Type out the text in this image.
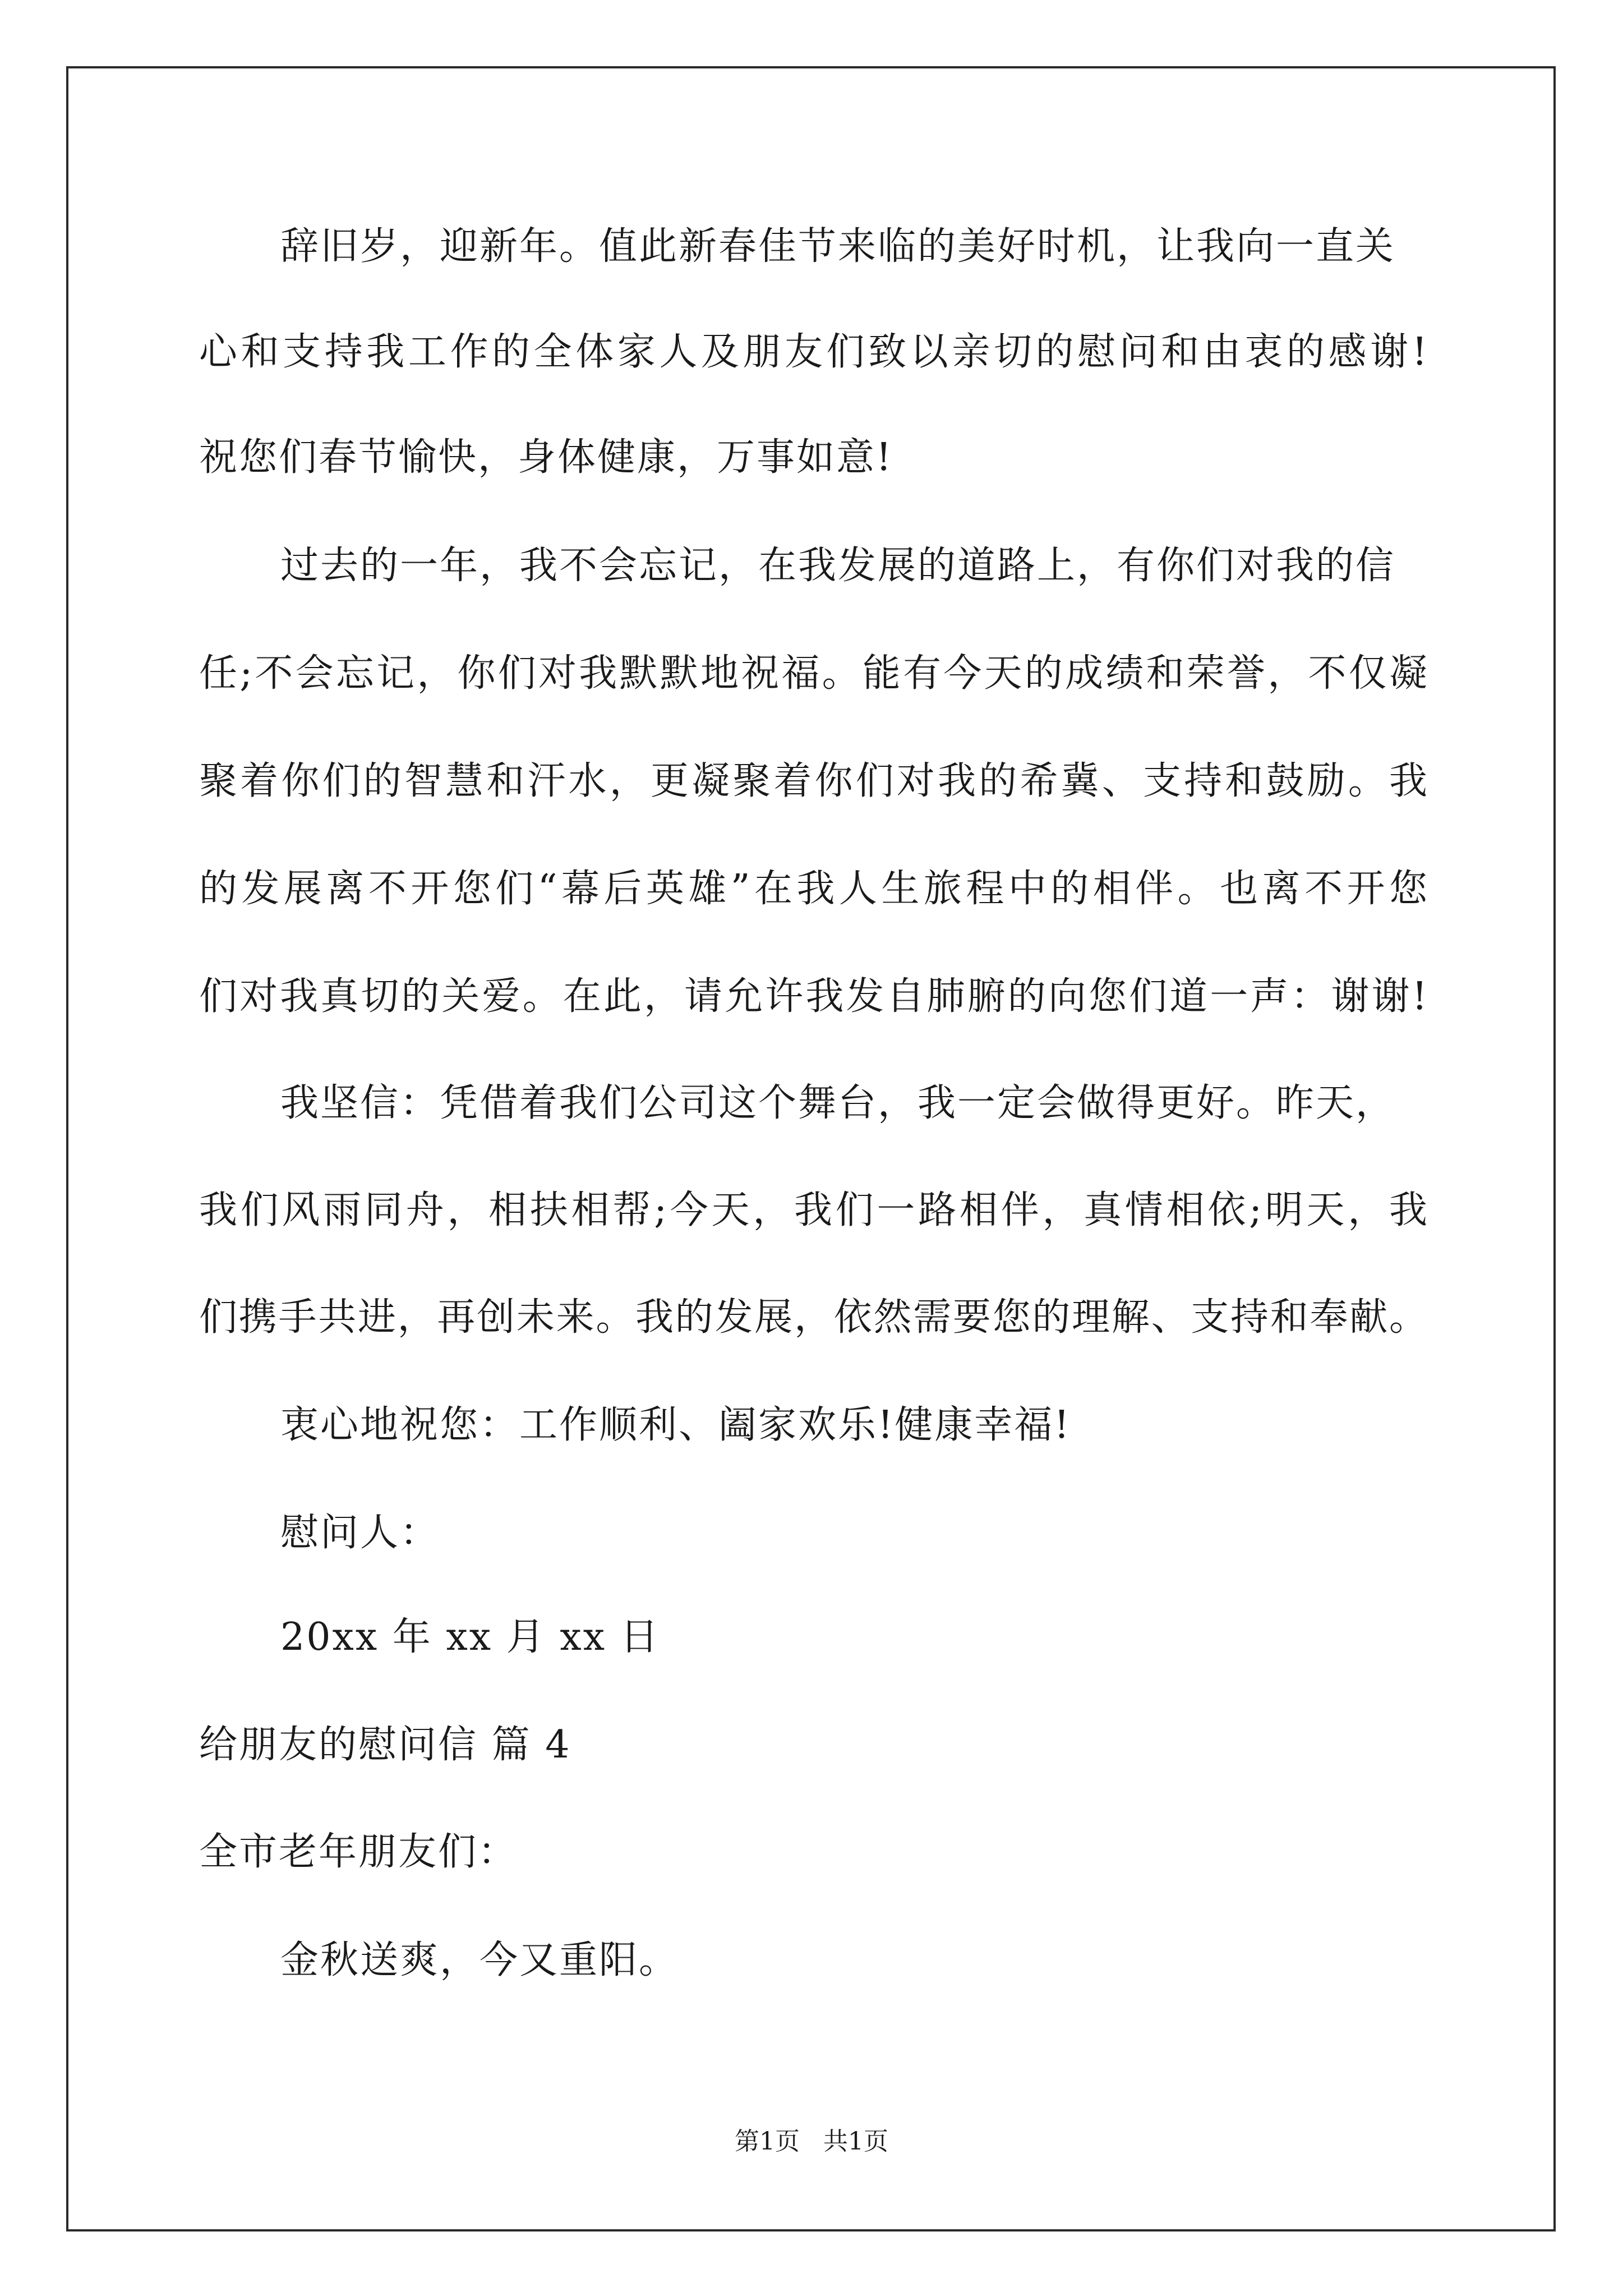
辞旧岁，迎新年。值此新春佳节来临的美好时机，让我向一直关
心和支持我工作的全体家人及朋友们致以亲切的慰问和由衷的感谢!
祝您们春节愉快，身体健康，万事如意!
过去的一年，我不会忘记，在我发展的道路上，有你们对我的信
任;不会忘记，你们对我默默地祝福。能有今天的成绩和荣誉，不仅凝
聚着你们的智慧和汗水，更凝聚着你们对我的希冀、支持和鼓励。我
的发展离不开您们“幕后英雄”在我人生旅程中的相伴。也离不开您
们对我真切的关爱。在此，请允许我发自肺腑的向您们道一声：谢谢!
我坚信：凭借着我们公司这个舞台，我一定会做得更好。昨天，
我们风雨同舟，相扶相帮;今天，我们一路相伴，真情相依;明天，我
们携手共进，再创未来。我的发展，依然需要您的理解、支持和奉献。
衷心地祝您：工作顺利、阖家欢乐!健康幸福!
慰问人：
20xx 年 xx 月 xx 日
给朋友的慰问信 篇 4
全市老年朋友们：
金秋送爽，今又重阳。
第1页 共1页
